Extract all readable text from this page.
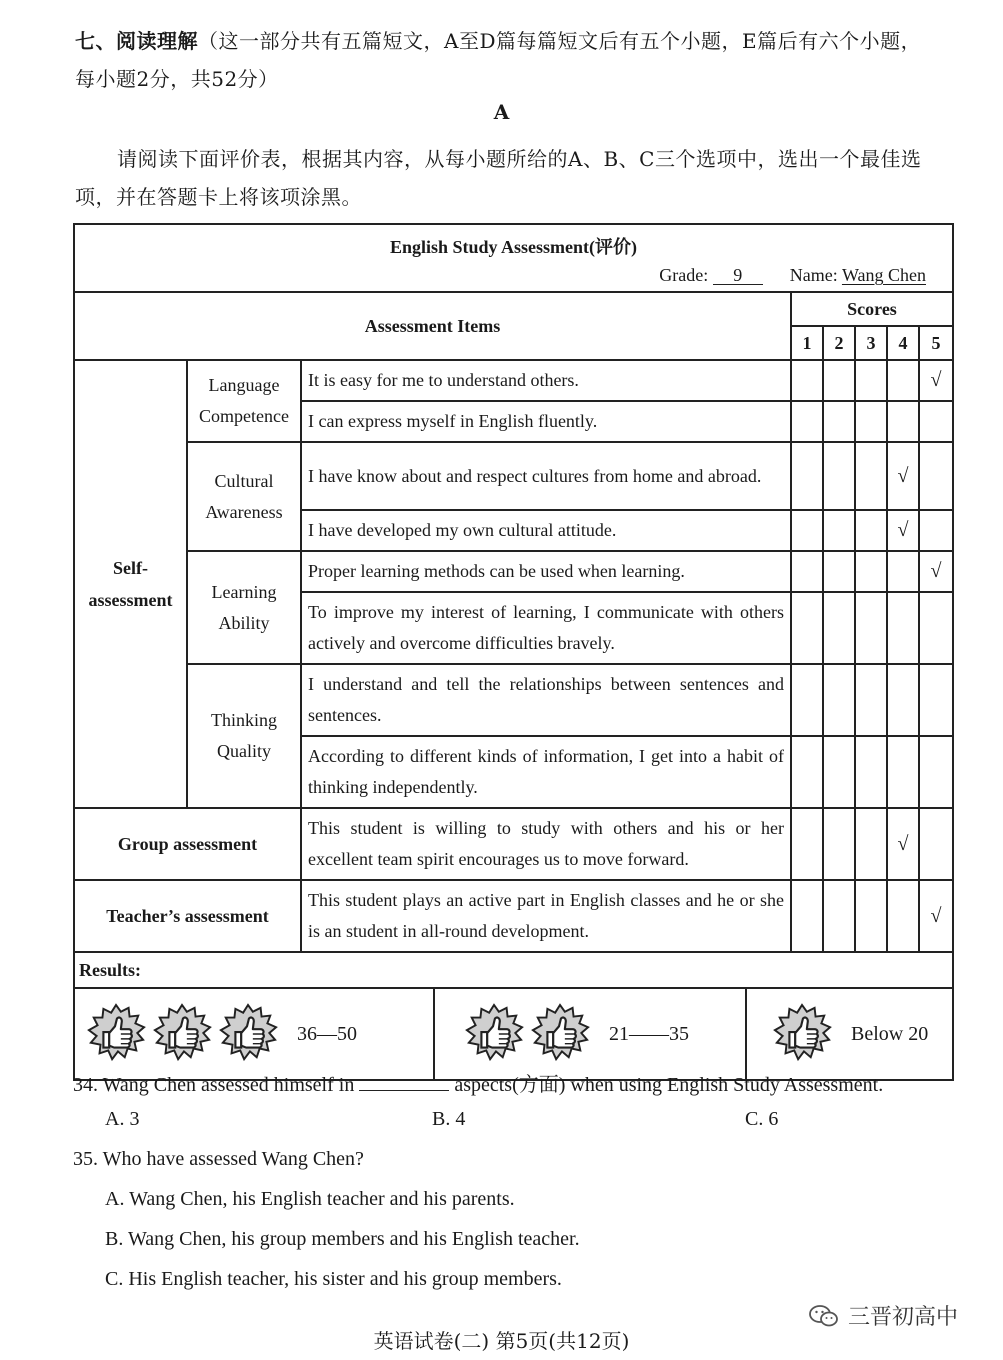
七、阅读理解（这一部分共有五篇短文，A至D篇每篇短文后有五个小题，E篇后有六个小题，
每小题2分，共52分）
A
请阅读下面评价表，根据其内容，从每小题所给的A、B、C三个选项中，选出一个最佳选项，并在答题卡上将该项涂黑。
English Study Assessment(评价)
Grade: 9 Name: Wang Chen							

Assessment Items			Scores				
			1	2	3	4	5
Self-
assessment	Language
Competence	It is easy for me to understand others.					√
		I can express myself in English fluently.					
	Cultural
Awareness	I have know about and respect cultures from home and abroad.				√	
		I have developed my own cultural attitude.				√	
	Learning
Ability	Proper learning methods can be used when learning.					√
		To improve my interest of learning, I communicate with others actively and overcome difficulties bravely.					
	Thinking
Quality	I understand and tell the relationships between sentences and sentences.					
		According to different kinds of information, I get into a habit of thinking independently.					
Group assessment		This student is willing to study with others and his or her excellent team spirit encourages us to move forward.				√	
Teacher’s assessment		This student plays an active part in English classes and he or she is an student in all-round development.					√
Results:							

36—50 21——35 Below 20							
34. Wang Chen assessed himself in	aspects(方面) when using English Study Assessment.
A. 3	B. 4	C. 6
35. Who have assessed Wang Chen?
A. Wang Chen, his English teacher and his parents.
B. Wang Chen, his group members and his English teacher.
C. His English teacher, his sister and his group members.
英语试卷(二) 第5页(共12页)
三晋初高中
